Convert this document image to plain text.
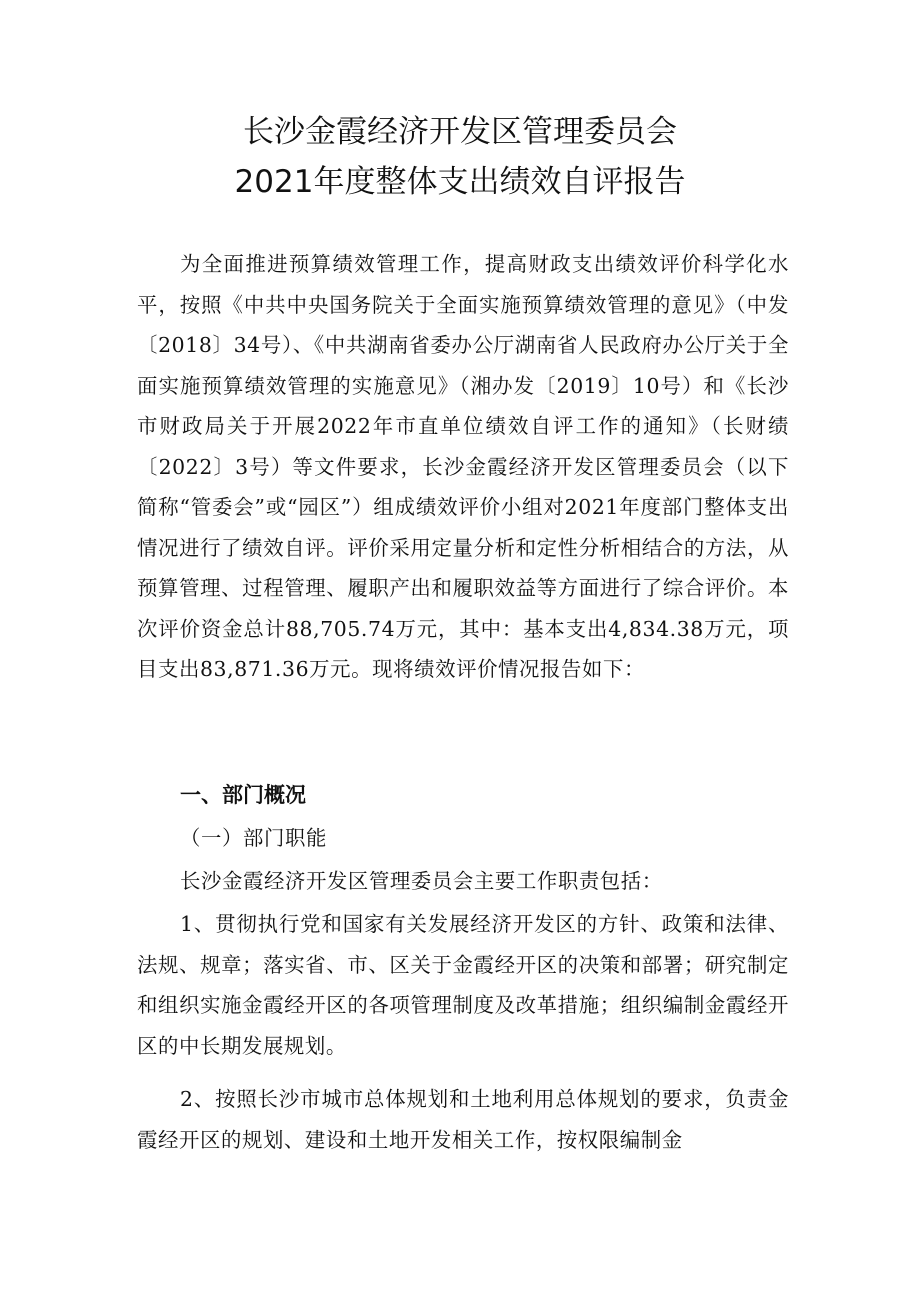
长沙金霞经济开发区管理委员会
2021年度整体支出绩效自评报告

为全面推进预算绩效管理工作，提高财政支出绩效评价科学化水平，按照《中共中央国务院关于全面实施预算绩效管理的意见》（中发〔2018〕34号）、《中共湖南省委办公厅湖南省人民政府办公厅关于全面实施预算绩效管理的实施意见》（湘办发〔2019〕10号）和《长沙市财政局关于开展2022年市直单位绩效自评工作的通知》（长财绩〔2022〕3号）等文件要求，长沙金霞经济开发区管理委员会（以下简称“管委会”或“园区”）组成绩效评价小组对2021年度部门整体支出情况进行了绩效自评。评价采用定量分析和定性分析相结合的方法，从预算管理、过程管理、履职产出和履职效益等方面进行了综合评价。本次评价资金总计88,705.74万元，其中：基本支出4,834.38万元，项目支出83,871.36万元。现将绩效评价情况报告如下：

一、部门概况
（一）部门职能

长沙金霞经济开发区管理委员会主要工作职责包括：

1、贯彻执行党和国家有关发展经济开发区的方针、政策和法律、法规、规章；落实省、市、区关于金霞经开区的决策和部署；研究制定和组织实施金霞经开区的各项管理制度及改革措施；组织编制金霞经开区的中长期发展规划。

2、按照长沙市城市总体规划和土地利用总体规划的要求，负责金霞经开区的规划、建设和土地开发相关工作，按权限编制金
